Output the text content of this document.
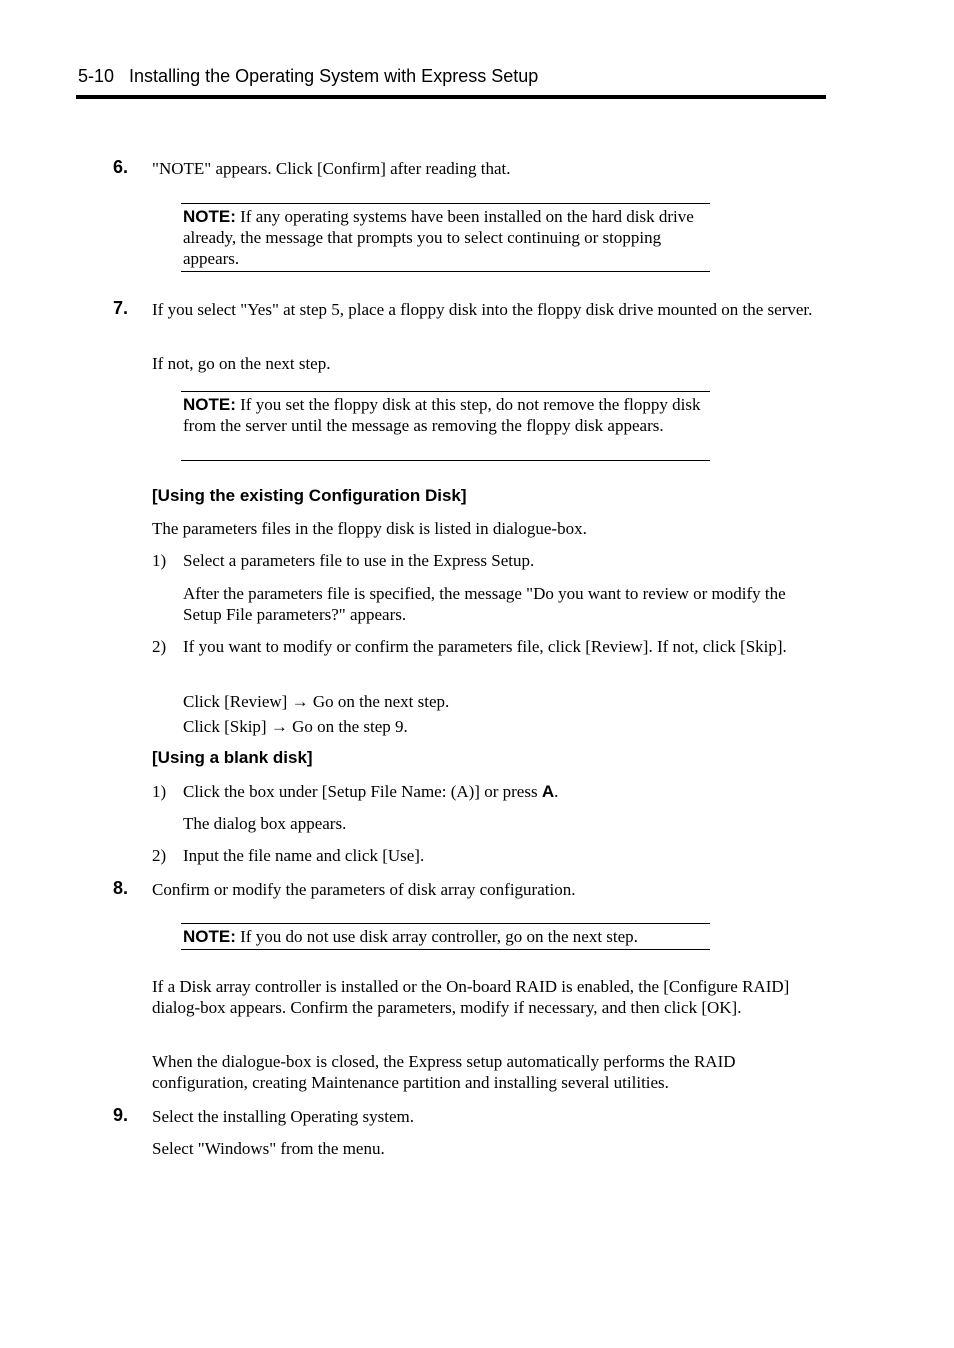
5-10 Installing the Operating System with Express Setup
6. "NOTE" appears. Click [Confirm] after reading that.
NOTE: If any operating systems have been installed on the hard disk drive already, the message that prompts you to select continuing or stopping appears.
7. If you select "Yes" at step 5, place a floppy disk into the floppy disk drive mounted on the server.
If not, go on the next step.
NOTE: If you set the floppy disk at this step, do not remove the floppy disk from the server until the message as removing the floppy disk appears.
[Using the existing Configuration Disk]
The parameters files in the floppy disk is listed in dialogue-box.
1) Select a parameters file to use in the Express Setup.
After the parameters file is specified, the message "Do you want to review or modify the Setup File parameters?" appears.
2) If you want to modify or confirm the parameters file, click [Review]. If not, click [Skip].
Click [Review] → Go on the next step.
Click [Skip] → Go on the step 9.
[Using a blank disk]
1) Click the box under [Setup File Name: (A)] or press A.
The dialog box appears.
2) Input the file name and click [Use].
8. Confirm or modify the parameters of disk array configuration.
NOTE: If you do not use disk array controller, go on the next step.
If a Disk array controller is installed or the On-board RAID is enabled, the [Configure RAID] dialog-box appears. Confirm the parameters, modify if necessary, and then click [OK].
When the dialogue-box is closed, the Express setup automatically performs the RAID configuration, creating Maintenance partition and installing several utilities.
9. Select the installing Operating system.
Select "Windows" from the menu.
